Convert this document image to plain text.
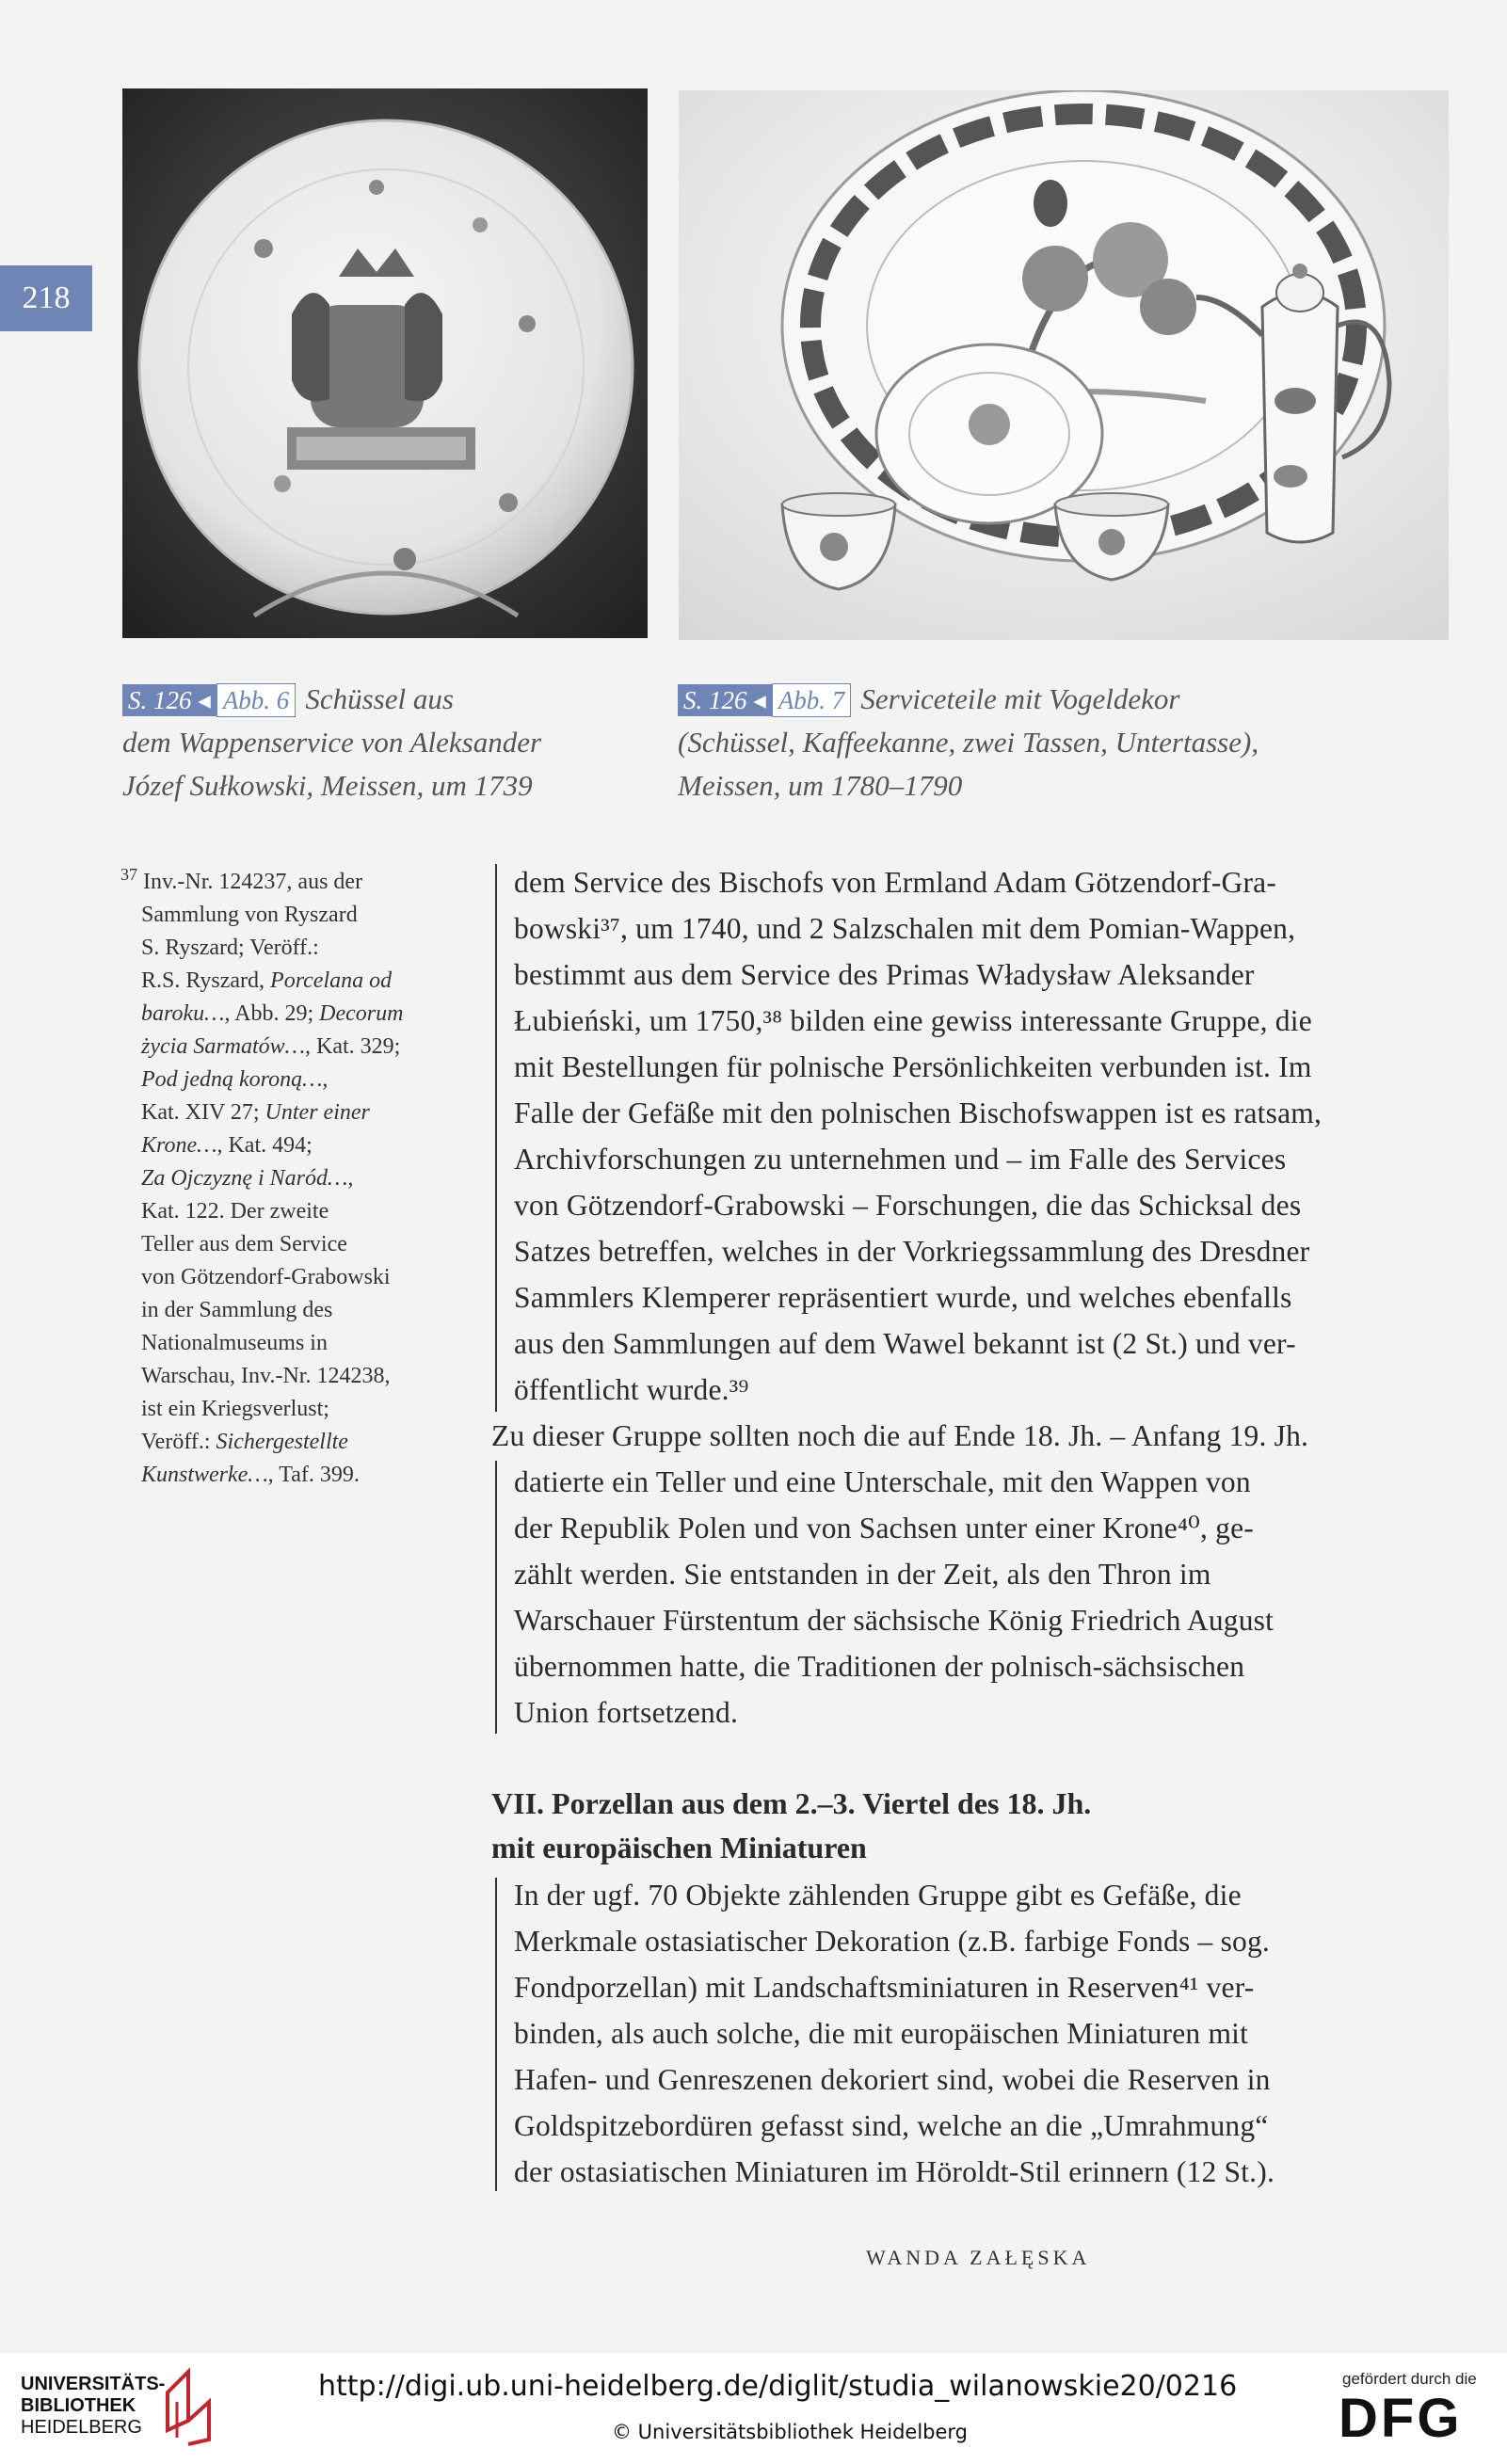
218
S. 126 ◂ Abb. 6 Schüssel aus
dem Wappenservice von Aleksander
Józef Sułkowski, Meissen, um 1739
S. 126 ◂ Abb. 7 Serviceteile mit Vogeldekor
(Schüssel, Kaffeekanne, zwei Tassen, Untertasse),
Meissen, um 1780–1790
$^{37}$ Inv.-Nr. 124237, aus der
Sammlung von Ryszard
S. Ryszard; Veröff.:
R.S. Ryszard, Porcelana od
baroku…, Abb. 29; Decorum
życia Sarmatów…, Kat. 329;
Pod jedną koroną…,
Kat. XIV 27; Unter einer
Krone…, Kat. 494;
Za Ojczyznę i Naród…,
Kat. 122. Der zweite
Teller aus dem Service
von Götzendorf-Grabowski
in der Sammlung des
Nationalmuseums in
Warschau, Inv.-Nr. 124238,
ist ein Kriegsverlust;
Veröff.: Sichergestellte
Kunstwerke…, Taf. 399.
dem Service des Bischofs von Ermland Adam Götzendorf-Gra-
bowski³⁷, um 1740, und 2 Salzschalen mit dem Pomian-Wappen,
bestimmt aus dem Service des Primas Władysław Aleksander
Łubieński, um 1750,³⁸ bilden eine gewiss interessante Gruppe, die
mit Bestellungen für polnische Persönlichkeiten verbunden ist. Im
Falle der Gefäße mit den polnischen Bischofswappen ist es ratsam,
Archivforschungen zu unternehmen und – im Falle des Services
von Götzendorf-Grabowski – Forschungen, die das Schicksal des
Satzes betreffen, welches in der Vorkriegssammlung des Dresdner
Sammlers Klemperer repräsentiert wurde, und welches ebenfalls
aus den Sammlungen auf dem Wawel bekannt ist (2 St.) und ver-
öffentlicht wurde.³⁹
Zu dieser Gruppe sollten noch die auf Ende 18. Jh. – Anfang 19. Jh.
datierte ein Teller und eine Unterschale, mit den Wappen von
der Republik Polen und von Sachsen unter einer Krone⁴⁰, ge-
zählt werden. Sie entstanden in der Zeit, als den Thron im
Warschauer Fürstentum der sächsische König Friedrich August
übernommen hatte, die Traditionen der polnisch-sächsischen
Union fortsetzend.
VII. Porzellan aus dem 2.–3. Viertel des 18. Jh.
mit europäischen Miniaturen
In der ugf. 70 Objekte zählenden Gruppe gibt es Gefäße, die
Merkmale ostasiatischer Dekoration (z.B. farbige Fonds – sog.
Fondporzellan) mit Landschaftsminiaturen in Reserven⁴¹ ver-
binden, als auch solche, die mit europäischen Miniaturen mit
Hafen- und Genreszenen dekoriert sind, wobei die Reserven in
Goldspitzebordüren gefasst sind, welche an die „Umrahmung“
der ostasiatischen Miniaturen im Höroldt-Stil erinnern (12 St.).
WANDA ZAŁĘSKA
UNIVERSITÄTS-
BIBLIOTHEK
HEIDELBERG
http://digi.ub.uni-heidelberg.de/diglit/studia_wilanowskie20/0216
© Universitätsbibliothek Heidelberg
gefördert durch die
DFG
